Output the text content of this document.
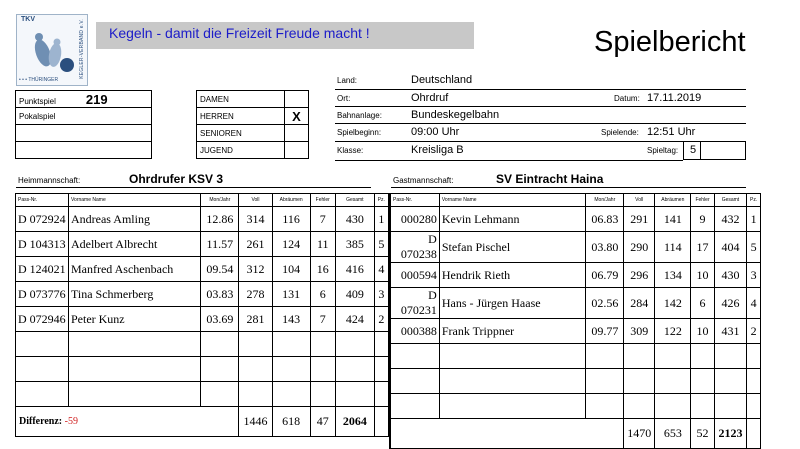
TKV	KEGLER-VERBAND e.V.
• • • THÜRINGER
Kegeln - damit die Freizeit Freude macht !	Spielbericht
Punktspiel 219
Pokalspiel

DAMEN	
HERREN	X
SENIOREN	
JUGEND	
Land:	Deutschland
Ort:	Ohrdruf	Datum: 17.11.2019
Bahnanlage:	Bundeskegelbahn
Spielbeginn:	09:00 Uhr	Spielende: 12:51 Uhr
Klasse:	Kreisliga B	Spieltag: 5
Heimmannschaft:	Ohrdrufer KSV 3	Gastmannschaft:	SV Eintracht Haina
Pass-Nr.	Vorname Name	Mon/Jahr	Voll	Abräumen	Fehler	Gesamt	Pz.
D 072924	Andreas Amling	12.86	314	116	7	430	1
D 104313	Adelbert Albrecht	11.57	261	124	11	385	5
D 124021	Manfred Aschenbach	09.54	312	104	16	416	4
D 073776	Tina Schmerberg	03.83	278	131	6	409	3
D 072946	Peter Kunz	03.69	281	143	7	424	2

Differenz: -59			1446	618	47	2064	
Pass-Nr.	Vorname Name	Mon/Jahr	Voll	Abräumen	Fehler	Gesamt	Pz.
000280	Kevin Lehmann	06.83	291	141	9	432	1
D 070238	Stefan Pischel	03.80	290	114	17	404	5
000594	Hendrik Rieth	06.79	296	134	10	430	3
D 070231	Hans - Jürgen Haase	02.56	284	142	6	426	4
000388	Frank Trippner	09.77	309	122	10	431	2

			1470	653	52	2123	
